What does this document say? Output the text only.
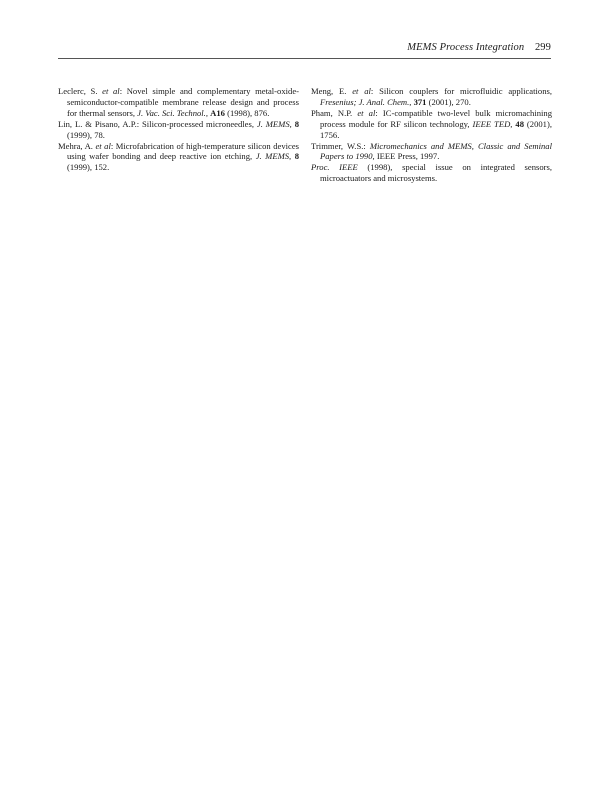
MEMS Process Integration 299

Leclerc, S. et al: Novel simple and complementary metal-oxide-semiconductor-compatible membrane release design and process for thermal sensors, J. Vac. Sci. Technol., A16 (1998), 876.

Lin, L. & Pisano, A.P.: Silicon-processed microneedles, J. MEMS, 8 (1999), 78.

Mehra, A. et al: Microfabrication of high-temperature silicon devices using wafer bonding and deep reactive ion etching, J. MEMS, 8 (1999), 152.

Meng, E. et al: Silicon couplers for microfluidic applications, Fresenius; J. Anal. Chem., 371 (2001), 270.

Pham, N.P. et al: IC-compatible two-level bulk micromachining process module for RF silicon technology, IEEE TED, 48 (2001), 1756.

Trimmer, W.S.: Micromechanics and MEMS, Classic and Seminal Papers to 1990, IEEE Press, 1997.

Proc. IEEE (1998), special issue on integrated sensors, microactuators and microsystems.
